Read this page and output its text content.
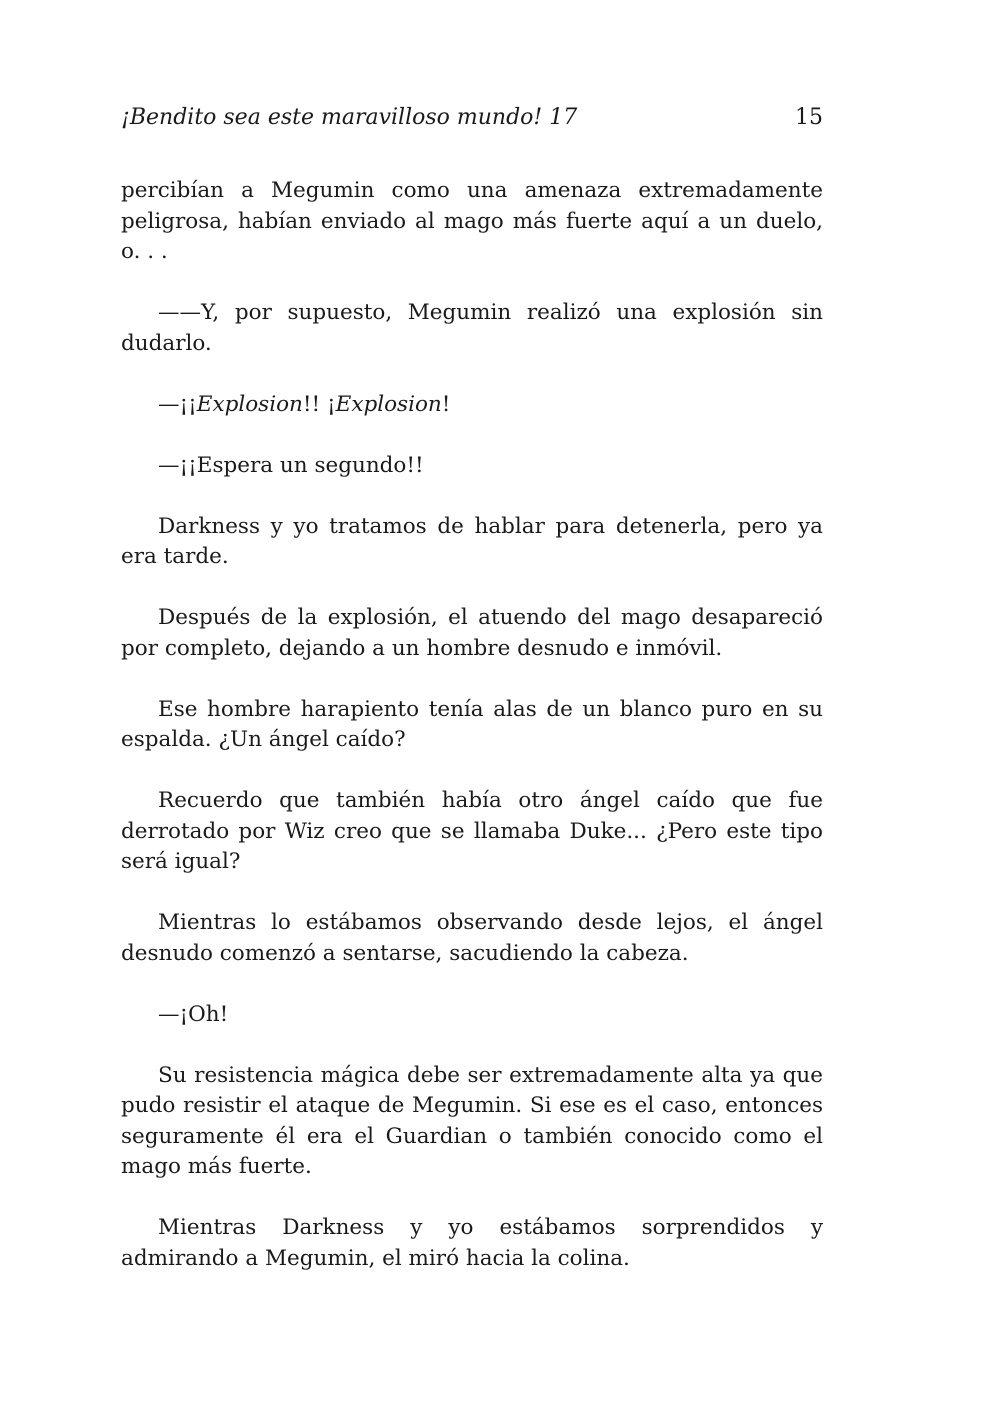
¡Bendito sea este maravilloso mundo! 17	15

percibían a Megumin como una amenaza extremadamente peligrosa, habían enviado al mago más fuerte aquí a un duelo, o. . .

——Y, por supuesto, Megumin realizó una explosión sin dudarlo.

—¡¡Explosion!! ¡Explosion!

—¡¡Espera un segundo!!

Darkness y yo tratamos de hablar para detenerla, pero ya era tarde.

Después de la explosión, el atuendo del mago desapareció por completo, dejando a un hombre desnudo e inmóvil.

Ese hombre harapiento tenía alas de un blanco puro en su espalda. ¿Un ángel caído?

Recuerdo que también había otro ángel caído que fue derrotado por Wiz creo que se llamaba Duke... ¿Pero este tipo será igual?

Mientras lo estábamos observando desde lejos, el ángel desnudo comenzó a sentarse, sacudiendo la cabeza.

—¡Oh!

Su resistencia mágica debe ser extremadamente alta ya que pudo resistir el ataque de Megumin. Si ese es el caso, entonces seguramente él era el Guardian o también conocido como el mago más fuerte.

Mientras Darkness y yo estábamos sorprendidos y admirando a Megumin, el miró hacia la colina.
